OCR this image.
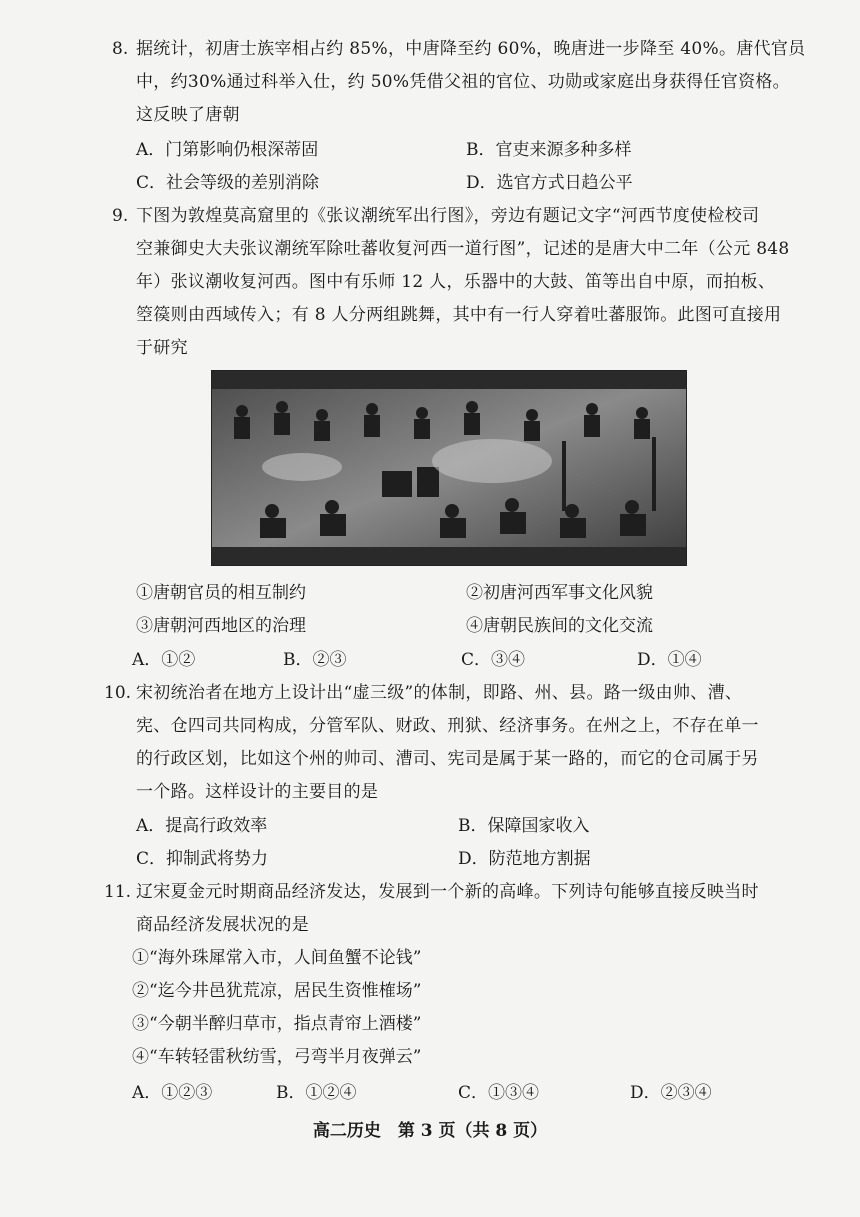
8. 据统计，初唐士族宰相占约 85%，中唐降至约 60%，晚唐进一步降至 40%。唐代官员
中，约30%通过科举入仕，约 50%凭借父祖的官位、功勋或家庭出身获得任官资格。
这反映了唐朝
A．门第影响仍根深蒂固	B．官吏来源多种多样
C．社会等级的差别消除	D．选官方式日趋公平
9. 下图为敦煌莫高窟里的《张议潮统军出行图》，旁边有题记文字“河西节度使检校司
空兼御史大夫张议潮统军除吐蕃收复河西一道行图”，记述的是唐大中二年（公元 848
年）张议潮收复河西。图中有乐师 12 人，乐器中的大鼓、笛等出自中原，而拍板、
箜篌则由西域传入；有 8 人分两组跳舞，其中有一行人穿着吐蕃服饰。此图可直接用
于研究
①唐朝官员的相互制约	②初唐河西军事文化风貌
③唐朝河西地区的治理	④唐朝民族间的文化交流
A．①②	B．②③	C．③④	D．①④
10. 宋初统治者在地方上设计出“虚三级”的体制，即路、州、县。路一级由帅、漕、
宪、仓四司共同构成，分管军队、财政、刑狱、经济事务。在州之上，不存在单一
的行政区划，比如这个州的帅司、漕司、宪司是属于某一路的，而它的仓司属于另
一个路。这样设计的主要目的是
A．提高行政效率	B．保障国家收入
C．抑制武将势力	D．防范地方割据
11. 辽宋夏金元时期商品经济发达，发展到一个新的高峰。下列诗句能够直接反映当时
商品经济发展状况的是
①“海外珠犀常入市，人间鱼蟹不论钱”
②“迄今井邑犹荒凉，居民生资惟榷场”
③“今朝半醉归草市，指点青帘上酒楼”
④“车转轻雷秋纺雪，弓弯半月夜弹云”
A．①②③	B．①②④	C．①③④	D．②③④
高二历史　第 3 页（共 8 页）
